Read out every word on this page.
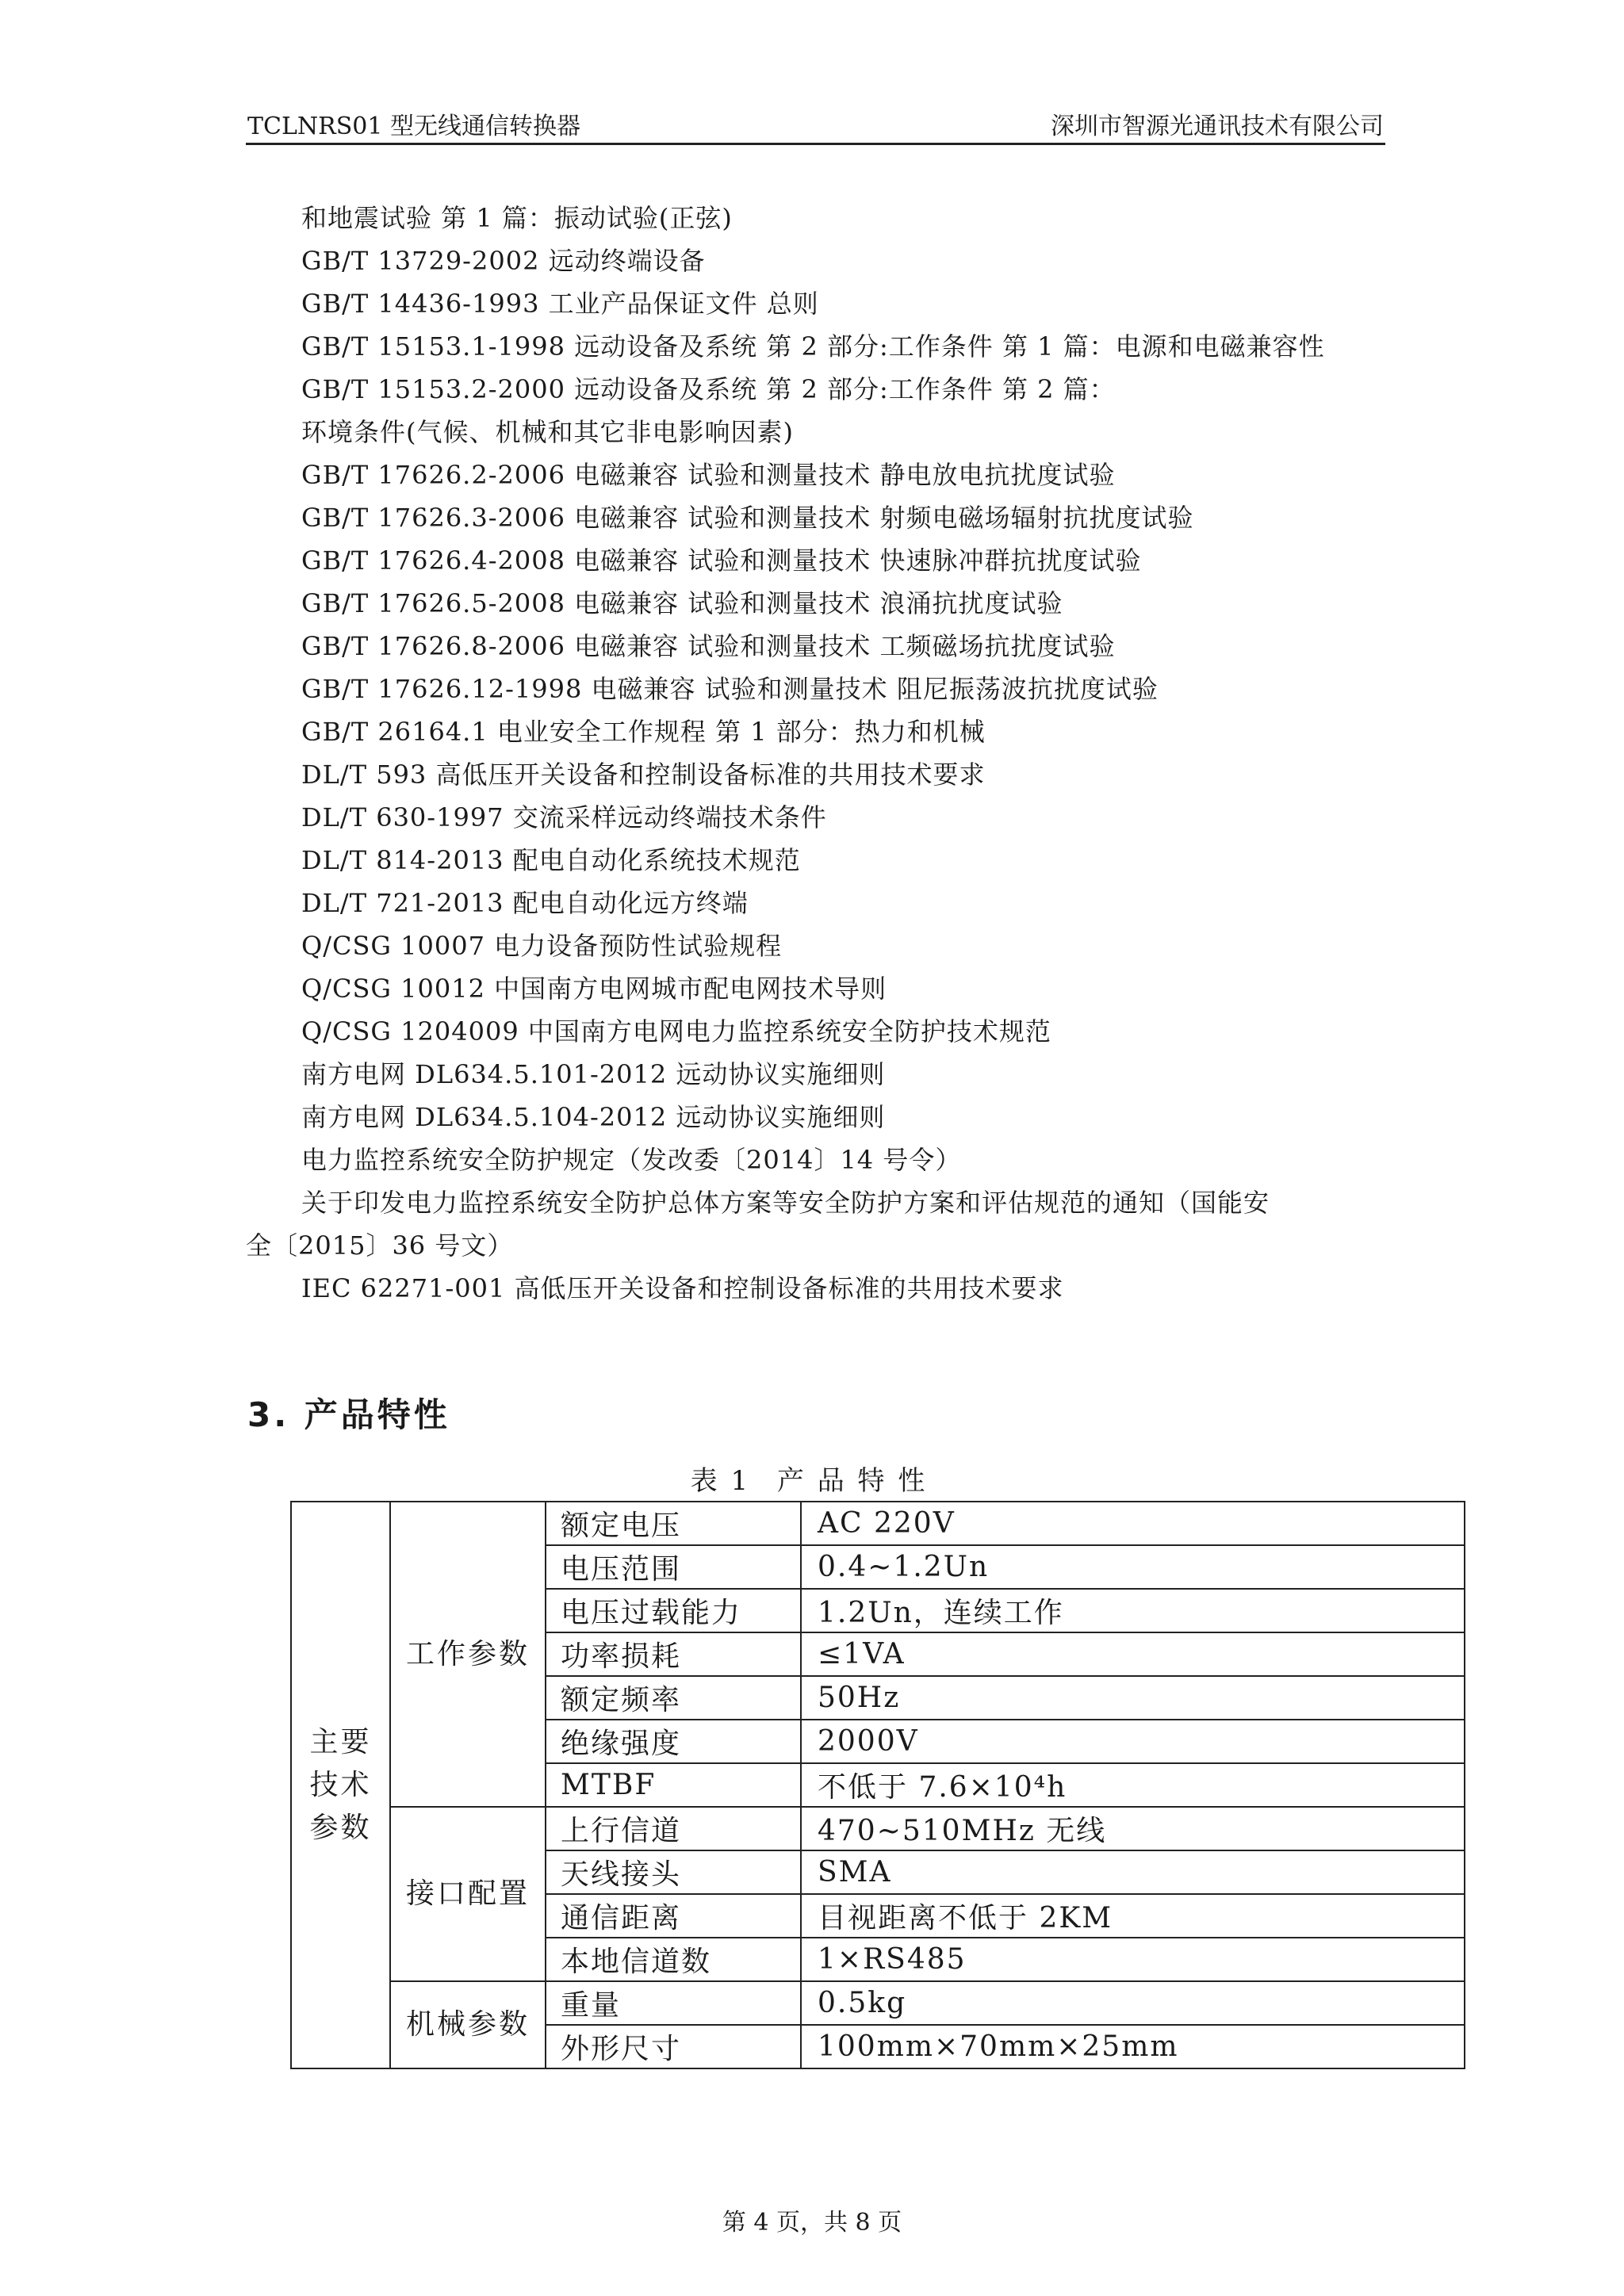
TCLNRS01 型无线通信转换器	深圳市智源光通讯技术有限公司
和地震试验 第 1 篇：振动试验(正弦)
GB/T 13729-2002 远动终端设备
GB/T 14436-1993 工业产品保证文件 总则
GB/T 15153.1-1998 远动设备及系统 第 2 部分:工作条件 第 1 篇：电源和电磁兼容性
GB/T 15153.2-2000 远动设备及系统 第 2 部分:工作条件 第 2 篇：
环境条件(气候、机械和其它非电影响因素)
GB/T 17626.2-2006 电磁兼容 试验和测量技术 静电放电抗扰度试验
GB/T 17626.3-2006 电磁兼容 试验和测量技术 射频电磁场辐射抗扰度试验
GB/T 17626.4-2008 电磁兼容 试验和测量技术 快速脉冲群抗扰度试验
GB/T 17626.5-2008 电磁兼容 试验和测量技术 浪涌抗扰度试验
GB/T 17626.8-2006 电磁兼容 试验和测量技术 工频磁场抗扰度试验
GB/T 17626.12-1998 电磁兼容 试验和测量技术 阻尼振荡波抗扰度试验
GB/T 26164.1 电业安全工作规程 第 1 部分：热力和机械
DL/T 593 高低压开关设备和控制设备标准的共用技术要求
DL/T 630-1997 交流采样远动终端技术条件
DL/T 814-2013 配电自动化系统技术规范
DL/T 721-2013 配电自动化远方终端
Q/CSG 10007 电力设备预防性试验规程
Q/CSG 10012 中国南方电网城市配电网技术导则
Q/CSG 1204009 中国南方电网电力监控系统安全防护技术规范
南方电网 DL634.5.101-2012 远动协议实施细则
南方电网 DL634.5.104-2012 远动协议实施细则
电力监控系统安全防护规定（发改委〔2014〕14 号令）
关于印发电力监控系统安全防护总体方案等安全防护方案和评估规范的通知（国能安
全〔2015〕36 号文）
IEC 62271-001 高低压开关设备和控制设备标准的共用技术要求
3. 产品特性
表 1 产 品 特 性
主要技术参数	工作参数	额定电压	AC 220V
		电压范围	0.4~1.2Un
		电压过载能力	1.2Un，连续工作
		功率损耗	≤1VA
		额定频率	50Hz
		绝缘强度	2000V
		MTBF	不低于 7.6×10⁴h
	接口配置	上行信道	470~510MHz 无线
		天线接头	SMA
		通信距离	目视距离不低于 2KM
		本地信道数	1×RS485
	机械参数	重量	0.5kg
		外形尺寸	100mm×70mm×25mm
第 4 页，共 8 页
